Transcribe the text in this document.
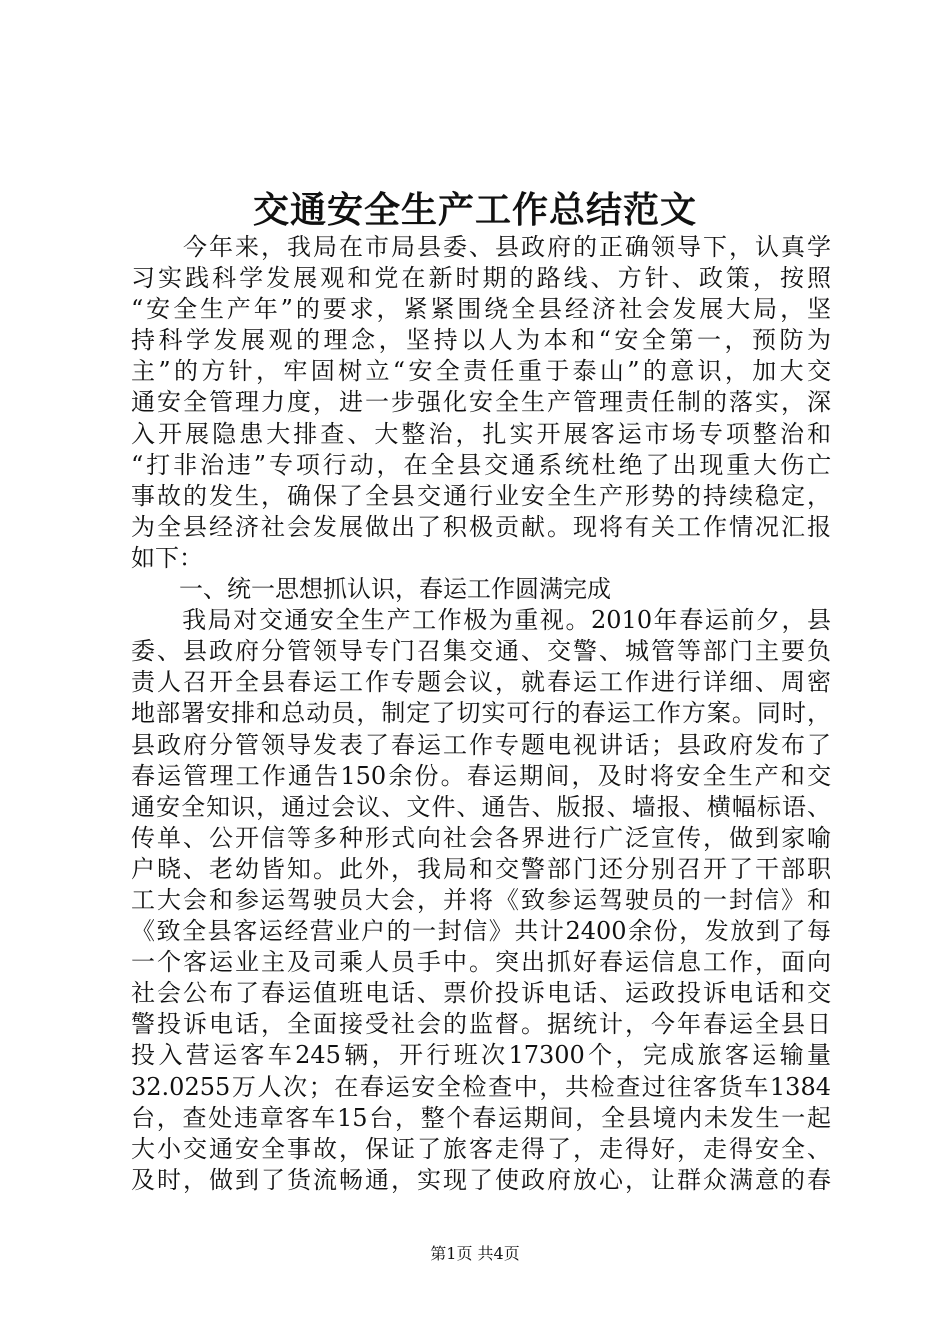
交通安全生产工作总结范文
　　今年来，我局在市局县委、县政府的正确领导下，认真学
习实践科学发展观和党在新时期的路线、方针、政策，按照
“安全生产年”的要求，紧紧围绕全县经济社会发展大局，坚
持科学发展观的理念，坚持以人为本和“安全第一，预防为
主”的方针，牢固树立“安全责任重于泰山”的意识，加大交
通安全管理力度，进一步强化安全生产管理责任制的落实，深
入开展隐患大排查、大整治，扎实开展客运市场专项整治和
“打非治违”专项行动，在全县交通系统杜绝了出现重大伤亡
事故的发生，确保了全县交通行业安全生产形势的持续稳定，
为全县经济社会发展做出了积极贡献。现将有关工作情况汇报
如下：
　　一、统一思想抓认识，春运工作圆满完成
　　我局对交通安全生产工作极为重视。2010年春运前夕，县
委、县政府分管领导专门召集交通、交警、城管等部门主要负
责人召开全县春运工作专题会议，就春运工作进行详细、周密
地部署安排和总动员，制定了切实可行的春运工作方案。同时，
县政府分管领导发表了春运工作专题电视讲话；县政府发布了
春运管理工作通告150余份。春运期间，及时将安全生产和交
通安全知识，通过会议、文件、通告、版报、墙报、横幅标语、
传单、公开信等多种形式向社会各界进行广泛宣传，做到家喻
户晓、老幼皆知。此外，我局和交警部门还分别召开了干部职
工大会和参运驾驶员大会，并将《致参运驾驶员的一封信》和
《致全县客运经营业户的一封信》共计2400余份，发放到了每
一个客运业主及司乘人员手中。突出抓好春运信息工作，面向
社会公布了春运值班电话、票价投诉电话、运政投诉电话和交
警投诉电话，全面接受社会的监督。据统计，今年春运全县日
投入营运客车245辆，开行班次17300个，完成旅客运输量
32.0255万人次；在春运安全检查中，共检查过往客货车1384
台，查处违章客车15台，整个春运期间，全县境内未发生一起
大小交通安全事故，保证了旅客走得了，走得好，走得安全、
及时，做到了货流畅通，实现了使政府放心，让群众满意的春
第1页 共4页
